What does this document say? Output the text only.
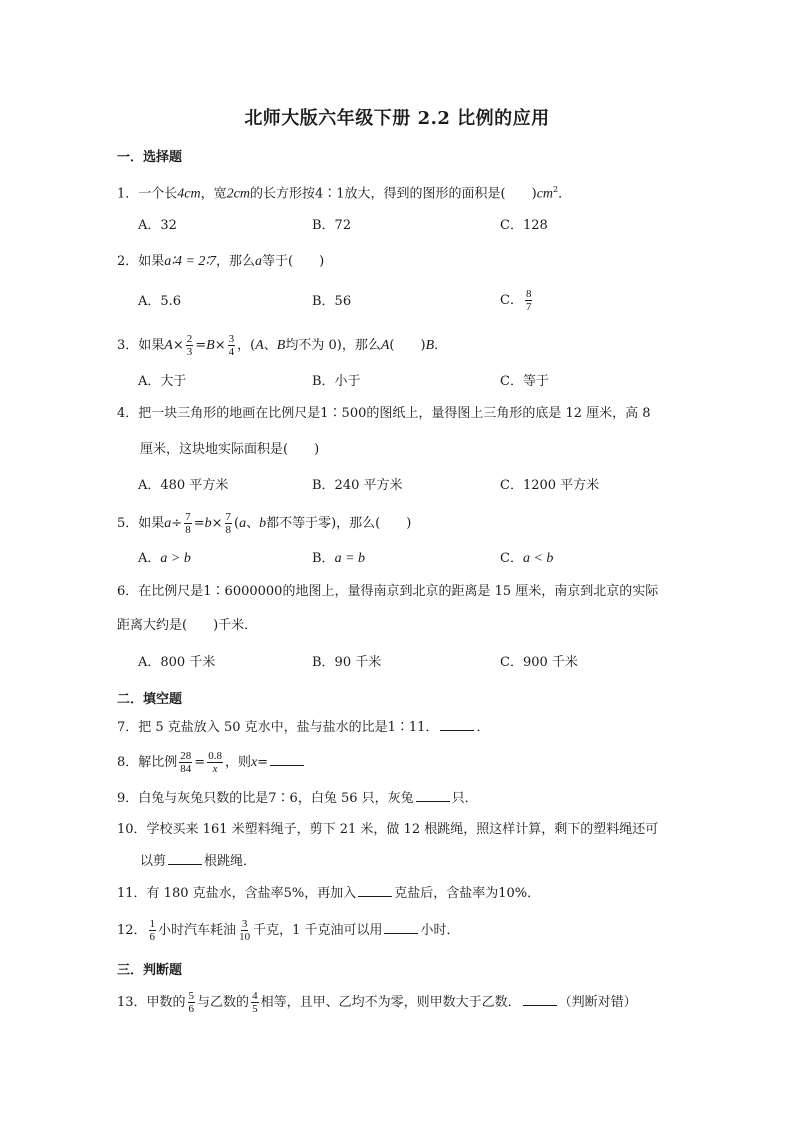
北师大版六年级下册 2.2 比例的应用
一．选择题
1．一个长4cm，宽2cm的长方形按4∶1放大，得到的图形的面积是( )$cm^2$．
A．32	B．72	C．128
2．如果a∶4 = 2∶7，那么a等于( )
A．5.6	B．56	C． $\frac{8}{7}$
3．如果$A\times \frac{2}{3} =B\times \frac{3}{4}$ ，(A、B均不为 0)，那么A( )B．
A．大于	B．小于	C．等于
4．把一块三角形的地画在比例尺是1∶500的图纸上，量得图上三角形的底是 12 厘米，高 8
厘米，这块地实际面积是( )
A．480 平方米	B．240 平方米	C．1200 平方米
5．如果$a\div \frac{7}{8} =b\times \frac{7}{8} (a$、b都不等于零)，那么( )
A．a > b	B．a = b	C．a < b
6．在比例尺是1∶6000000的地图上，量得南京到北京的距离是 15 厘米，南京到北京的实际
距离大约是( )千米．
A．800 千米	B．90 千米	C．900 千米
二．填空题
7．把 5 克盐放入 50 克水中，盐与盐水的比是1∶11．	．
8．解比例 $\frac{28}{84} = \frac{0.8}{x}$ ，则x=
9．白兔与灰兔只数的比是7∶6，白兔 56 只，灰兔	只．
10．学校买来 161 米塑料绳子，剪下 21 米，做 12 根跳绳，照这样计算，剩下的塑料绳还可
以剪	根跳绳．
11．有 180 克盐水，含盐率5%，再加入	克盐后，含盐率为10%．
12． $\frac{1}{6}$ 小时汽车耗油 $\frac{3}{10}$ 千克，1 千克油可以用	小时．
三．判断题
13．甲数的 $\frac{5}{6}$ 与乙数的 $\frac{4}{5}$ 相等，且甲、乙均不为零，则甲数大于乙数．	（判断对错）
